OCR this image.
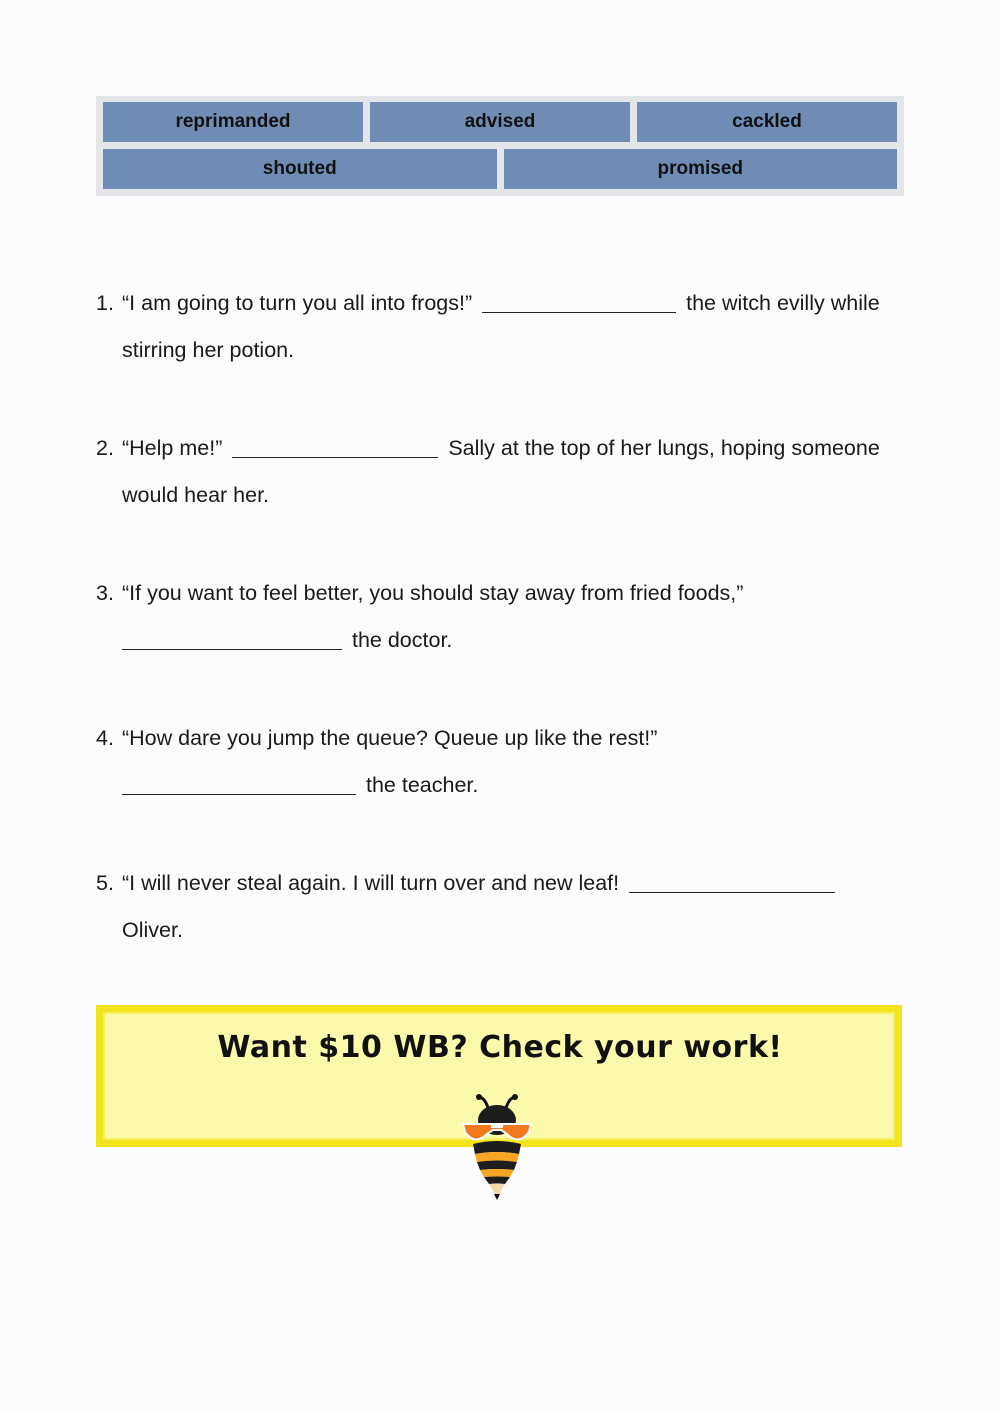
reprimanded	advised	cackled
shouted	promised
1. “I am going to turn you all into frogs!”	the witch evilly while stirring her potion.
2. “Help me!”	Sally at the top of her lungs, hoping someone would hear her.
3. “If you want to feel better, you should stay away from fried foods,”  the doctor.
4. “How dare you jump the queue? Queue up like the rest!”  the teacher.
5. “I will never steal again. I will turn over and new leaf!  Oliver.
Want $10 WB? Check your work!
